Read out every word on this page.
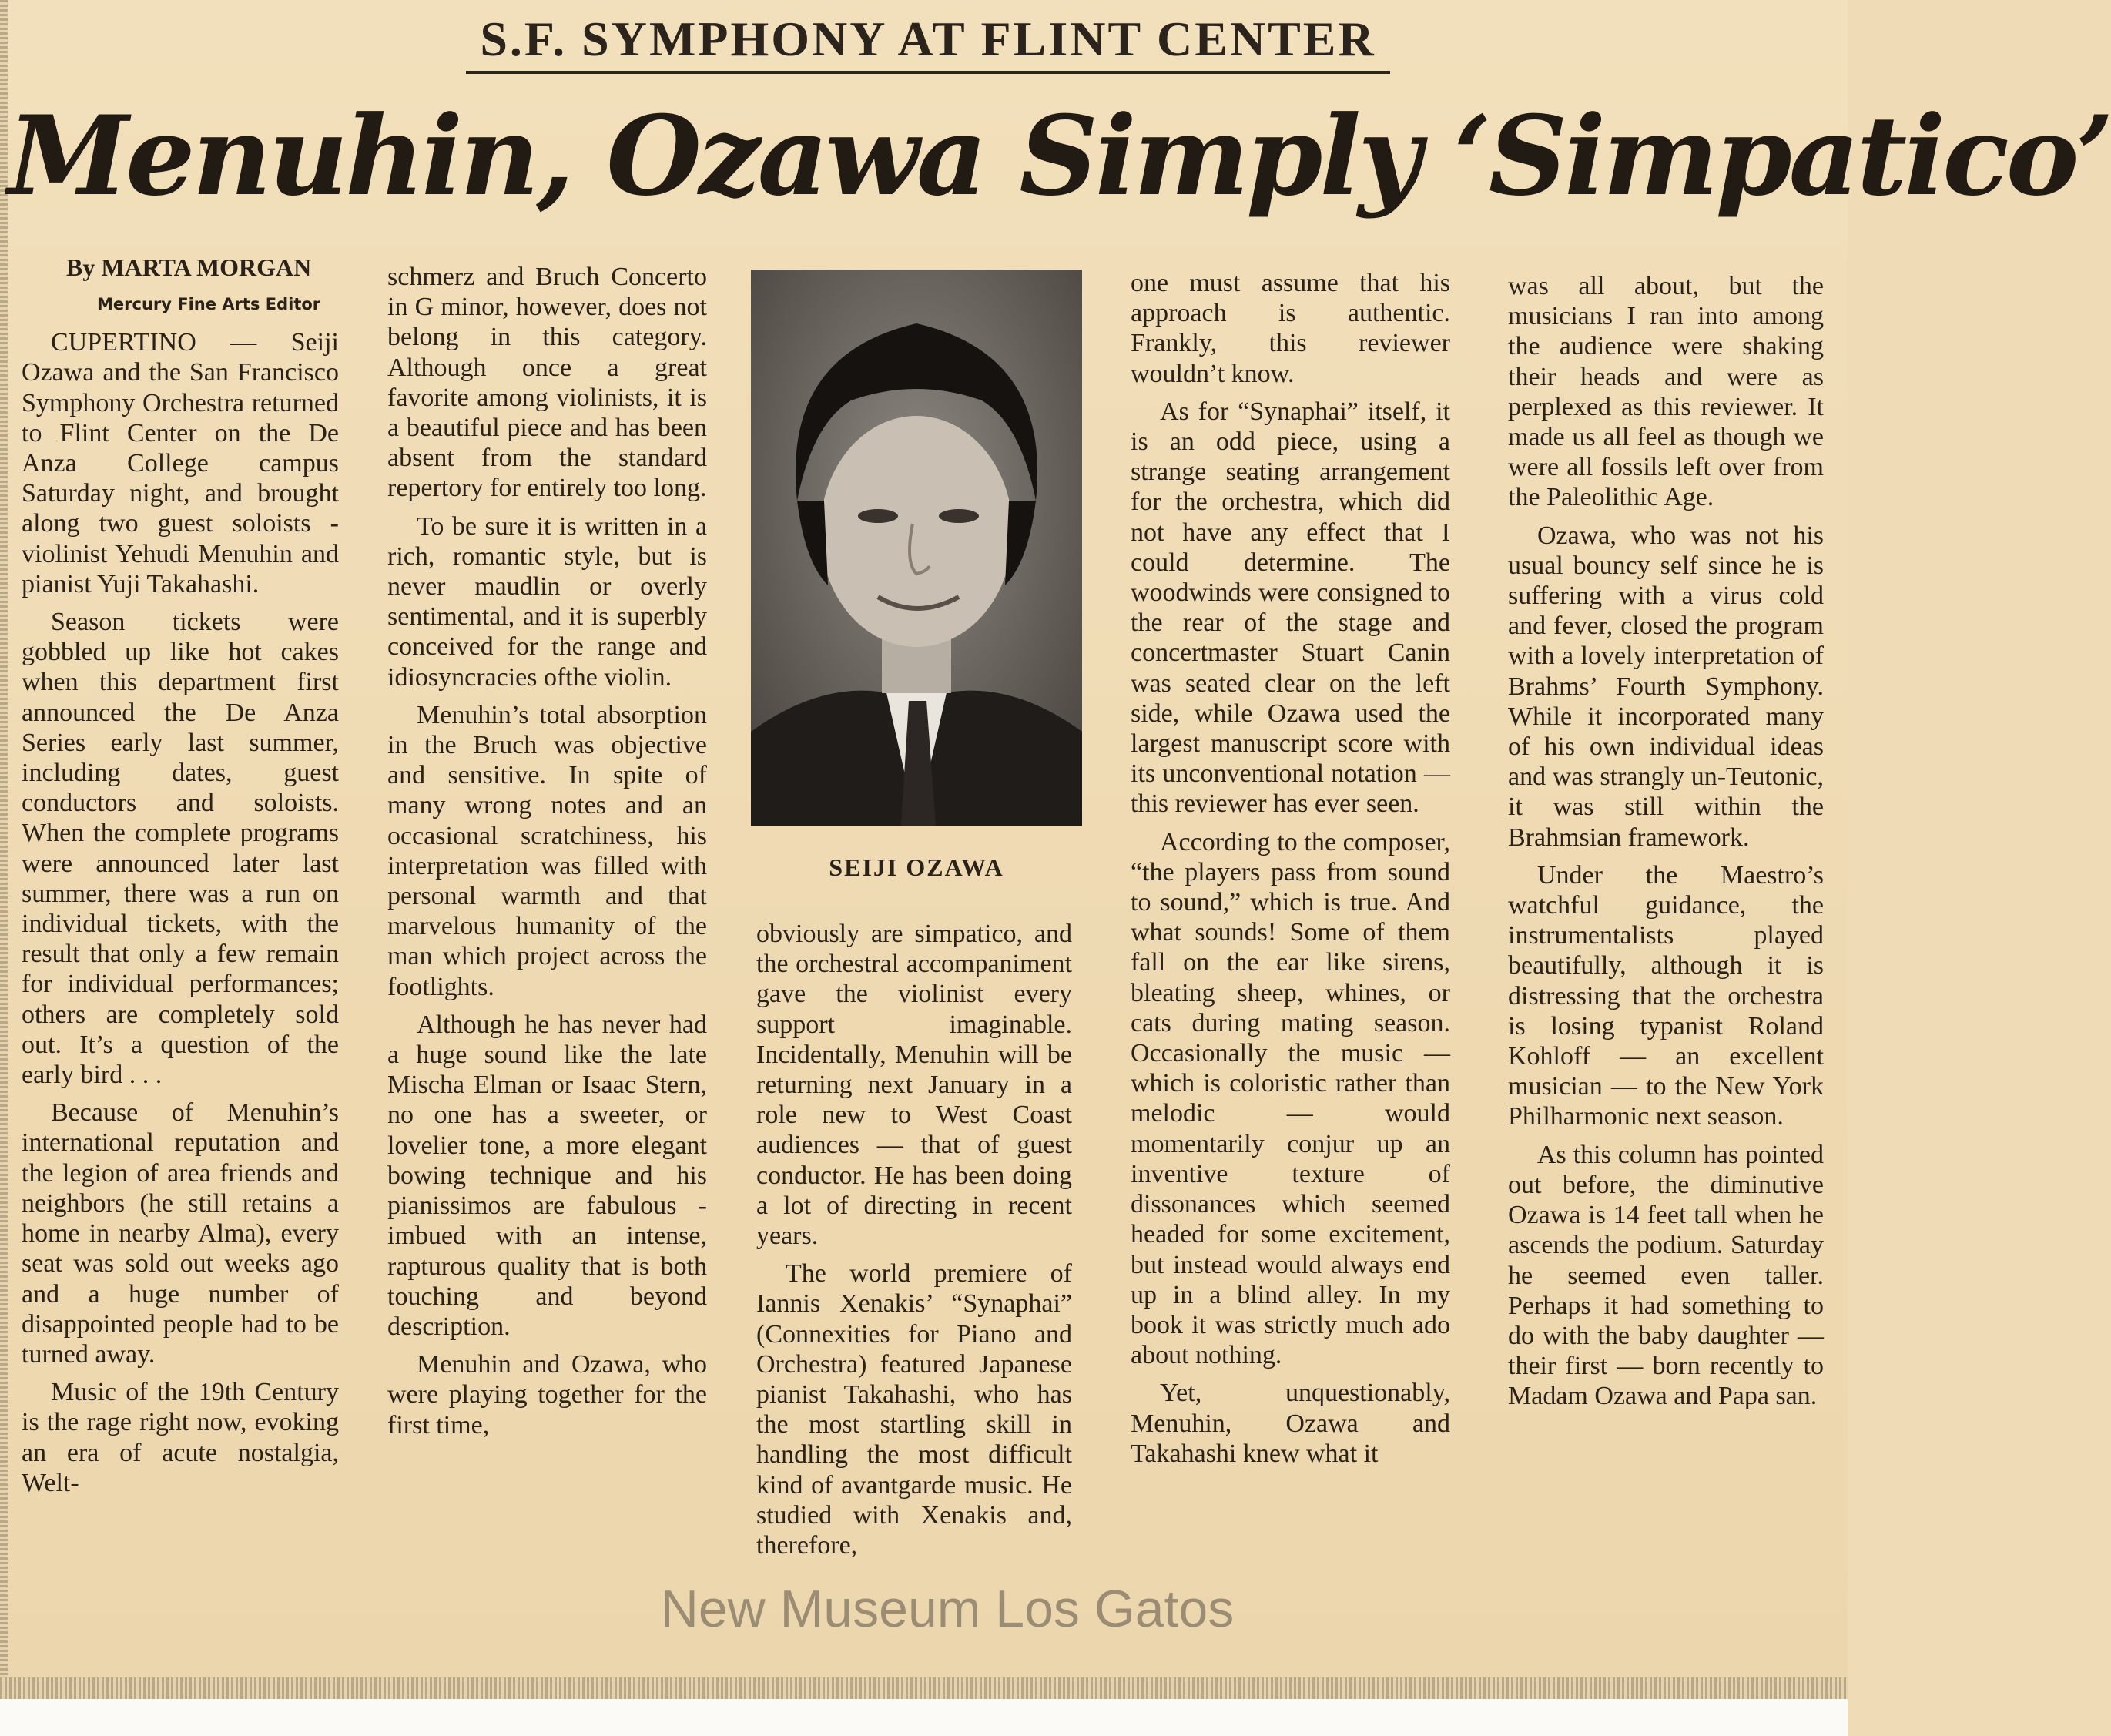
S.F. SYMPHONY AT FLINT CENTER
Menuhin, Ozawa Simply ‘Simpatico’

By MARTA MORGAN

Mercury Fine Arts Editor

CUPERTINO — Seiji Ozawa and the San Francisco Symphony Orchestra returned to Flint Center on the De Anza College campus Saturday night, and brought along two guest soloists - violinist Yehudi Menuhin and pianist Yuji Takahashi.

Season tickets were gobbled up like hot cakes when this department first announced the De Anza Series early last summer, including dates, guest conductors and soloists. When the complete programs were announced later last summer, there was a run on individual tickets, with the result that only a few remain for individual performances; others are completely sold out. It’s a question of the early bird . . .

Because of Menuhin’s international reputation and the legion of area friends and neighbors (he still retains a home in nearby Alma), every seat was sold out weeks ago and a huge number of disappointed people had to be turned away.

Music of the 19th Century is the rage right now, evoking an era of acute nostalgia, Welt-

schmerz and Bruch Concerto in G minor, however, does not belong in this category. Although once a great favorite among violinists, it is a beautiful piece and has been absent from the standard repertory for entirely too long.

To be sure it is written in a rich, romantic style, but is never maudlin or overly sentimental, and it is superbly conceived for the range and idiosyncracies ofthe violin.

Menuhin’s total absorption in the Bruch was objective and sensitive. In spite of many wrong notes and an occasional scratchiness, his interpretation was filled with personal warmth and that marvelous humanity of the man which project across the footlights.

Although he has never had a huge sound like the late Mischa Elman or Isaac Stern, no one has a sweeter, or lovelier tone, a more elegant bowing technique and his pianissimos are fabulous - imbued with an intense, rapturous quality that is both touching and beyond description.

Menuhin and Ozawa, who were playing together for the first time,

SEIJI OZAWA

obviously are simpatico, and the orchestral accompaniment gave the violinist every support imaginable. Incidentally, Menuhin will be returning next January in a role new to West Coast audiences — that of guest conductor. He has been doing a lot of directing in recent years.

The world premiere of Iannis Xenakis’ “Synaphai” (Connexities for Piano and Orchestra) featured Japanese pianist Takahashi, who has the most startling skill in handling the most difficult kind of avantgarde music. He studied with Xenakis and, therefore,

one must assume that his approach is authentic. Frankly, this reviewer wouldn’t know.

As for “Synaphai” itself, it is an odd piece, using a strange seating arrangement for the orchestra, which did not have any effect that I could determine. The woodwinds were consigned to the rear of the stage and concertmaster Stuart Canin was seated clear on the left side, while Ozawa used the largest manuscript score with its unconventional notation — this reviewer has ever seen.

According to the composer, “the players pass from sound to sound,” which is true. And what sounds! Some of them fall on the ear like sirens, bleating sheep, whines, or cats during mating season. Occasionally the music — which is coloristic rather than melodic — would momentarily conjur up an inventive texture of dissonances which seemed headed for some excitement, but instead would always end up in a blind alley. In my book it was strictly much ado about nothing.

Yet, unquestionably, Menuhin, Ozawa and Takahashi knew what it

was all about, but the musicians I ran into among the audience were shaking their heads and were as perplexed as this reviewer. It made us all feel as though we were all fossils left over from the Paleolithic Age.

Ozawa, who was not his usual bouncy self since he is suffering with a virus cold and fever, closed the program with a lovely interpretation of Brahms’ Fourth Symphony. While it incorporated many of his own individual ideas and was strangly un-Teutonic, it was still within the Brahmsian framework.

Under the Maestro’s watchful guidance, the instrumentalists played beautifully, although it is distressing that the orchestra is losing typanist Roland Kohloff — an excellent musician — to the New York Philharmonic next season.

As this column has pointed out before, the diminutive Ozawa is 14 feet tall when he ascends the podium. Saturday he seemed even taller. Perhaps it had something to do with the baby daughter — their first — born recently to Madam Ozawa and Papa san.

New Museum Los Gatos
